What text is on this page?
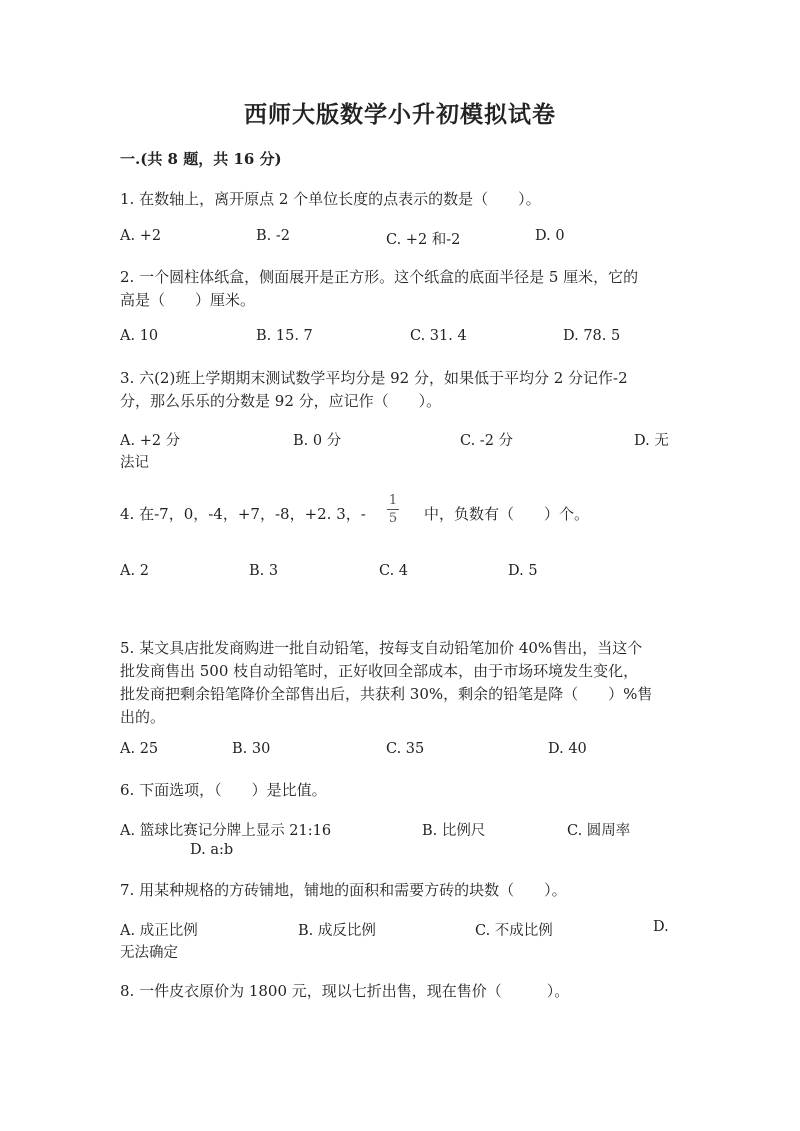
西师大版数学小升初模拟试卷
一.(共 8 题，共 16 分)
1. 在数轴上，离开原点 2 个单位长度的点表示的数是（　　）。
A. +2	B. -2	C. +2 和-2	D. 0
2. 一个圆柱体纸盒，侧面展开是正方形。这个纸盒的底面半径是 5 厘米，它的
高是（　　）厘米。
A. 10	B. 15. 7	C. 31. 4	D. 78. 5
3. 六(2)班上学期期末测试数学平均分是 92 分，如果低于平均分 2 分记作-2
分，那么乐乐的分数是 92 分，应记作（　　）。
A. +2 分	B. 0 分	C. -2 分	D. 无
法记
4. 在-7，0，-4，+7，-8，+2. 3，-
1
5 中，负数有（　　）个。
A. 2	B. 3	C. 4	D. 5
5. 某文具店批发商购进一批自动铅笔，按每支自动铅笔加价 40%售出，当这个
批发商售出 500 枝自动铅笔时，正好收回全部成本，由于市场环境发生变化，
批发商把剩余铅笔降价全部售出后，共获利 30%，剩余的铅笔是降（　　）%售
出的。
A. 25	B. 30	C. 35	D. 40
6. 下面选项，（　　）是比值。
A. 篮球比赛记分牌上显示 21:16	B. 比例尺	C. 圆周率
D. a:b
7. 用某种规格的方砖铺地，铺地的面积和需要方砖的块数（　　）。
A. 成正比例	B. 成反比例	C. 不成比例	D.
无法确定
8. 一件皮衣原价为 1800 元，现以七折出售，现在售价（　　　）。
